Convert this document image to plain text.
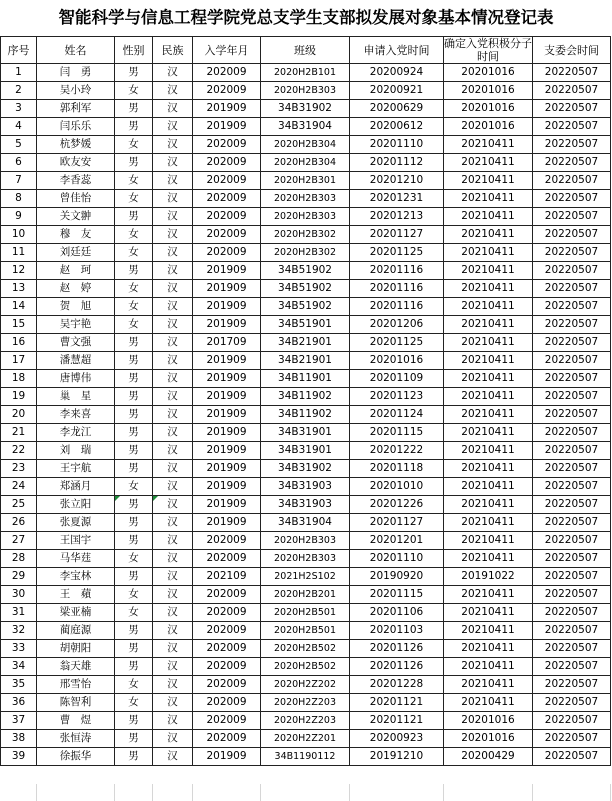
智能科学与信息工程学院党总支学生支部拟发展对象基本情况登记表
序号	姓名	性别	民族	入学年月	班级	申请入党时间	确定入党积极分子时间	支委会时间
1	闫　勇	男	汉	202009	2020H2B101	20200924	20201016	20220507
2	吴小玲	女	汉	202009	2020H2B303	20200921	20201016	20220507
3	郭利军	男	汉	201909	34B31902	20200629	20201016	20220507
4	闫乐乐	男	汉	201909	34B31904	20200612	20201016	20220507
5	杭梦媛	女	汉	202009	2020H2B304	20201110	20210411	20220507
6	欧友安	男	汉	202009	2020H2B304	20201112	20210411	20220507
7	李香蕊	女	汉	202009	2020H2B301	20201210	20210411	20220507
8	曾佳怡	女	汉	202009	2020H2B303	20201231	20210411	20220507
9	关文翀	男	汉	202009	2020H2B303	20201213	20210411	20220507
10	穆　友	女	汉	202009	2020H2B302	20201127	20210411	20220507
11	刘廷廷	女	汉	202009	2020H2B302	20201125	20210411	20220507
12	赵　珂	男	汉	201909	34B51902	20201116	20210411	20220507
13	赵　婷	女	汉	201909	34B51902	20201116	20210411	20220507
14	贺　旭	女	汉	201909	34B51902	20201116	20210411	20220507
15	吴宇艳	女	汉	201909	34B51901	20201206	20210411	20220507
16	曹文强	男	汉	201709	34B21901	20201125	20210411	20220507
17	潘慧超	男	汉	201909	34B21901	20201016	20210411	20220507
18	唐博伟	男	汉	201909	34B11901	20201109	20210411	20220507
19	巢　星	男	汉	201909	34B11902	20201123	20210411	20220507
20	李来喜	男	汉	201909	34B11902	20201124	20210411	20220507
21	李龙江	男	汉	201909	34B31901	20201115	20210411	20220507
22	刘　瑞	男	汉	201909	34B31901	20201222	20210411	20220507
23	王宇航	男	汉	201909	34B31902	20201118	20210411	20220507
24	郑涵月	女	汉	201909	34B31903	20201010	20210411	20220507
25	张立阳	男	汉	201909	34B31903	20201226	20210411	20220507
26	张夏源	男	汉	201909	34B31904	20201127	20210411	20220507
27	王国宇	男	汉	202009	2020H2B303	20201201	20210411	20220507
28	马华莛	女	汉	202009	2020H2B303	20201110	20210411	20220507
29	李宝林	男	汉	202109	2021H2S102	20190920	20191022	20220507
30	王　蘋	女	汉	202009	2020H2B201	20201115	20210411	20220507
31	梁亚楠	女	汉	202009	2020H2B501	20201106	20210411	20220507
32	蔺庭源	男	汉	202009	2020H2B501	20201103	20210411	20220507
33	胡朝阳	男	汉	202009	2020H2B502	20201126	20210411	20220507
34	翁天雄	男	汉	202009	2020H2B502	20201126	20210411	20220507
35	邢雪怡	女	汉	202009	2020H2Z202	20201228	20210411	20220507
36	陈智利	女	汉	202009	2020H2Z203	20201121	20210411	20220507
37	曹　煜	男	汉	202009	2020H2Z203	20201121	20201016	20220507
38	张恒涛	男	汉	202009	2020H2Z201	20200923	20201016	20220507
39	徐振华	男	汉	201909	34B1190112	20191210	20200429	20220507
